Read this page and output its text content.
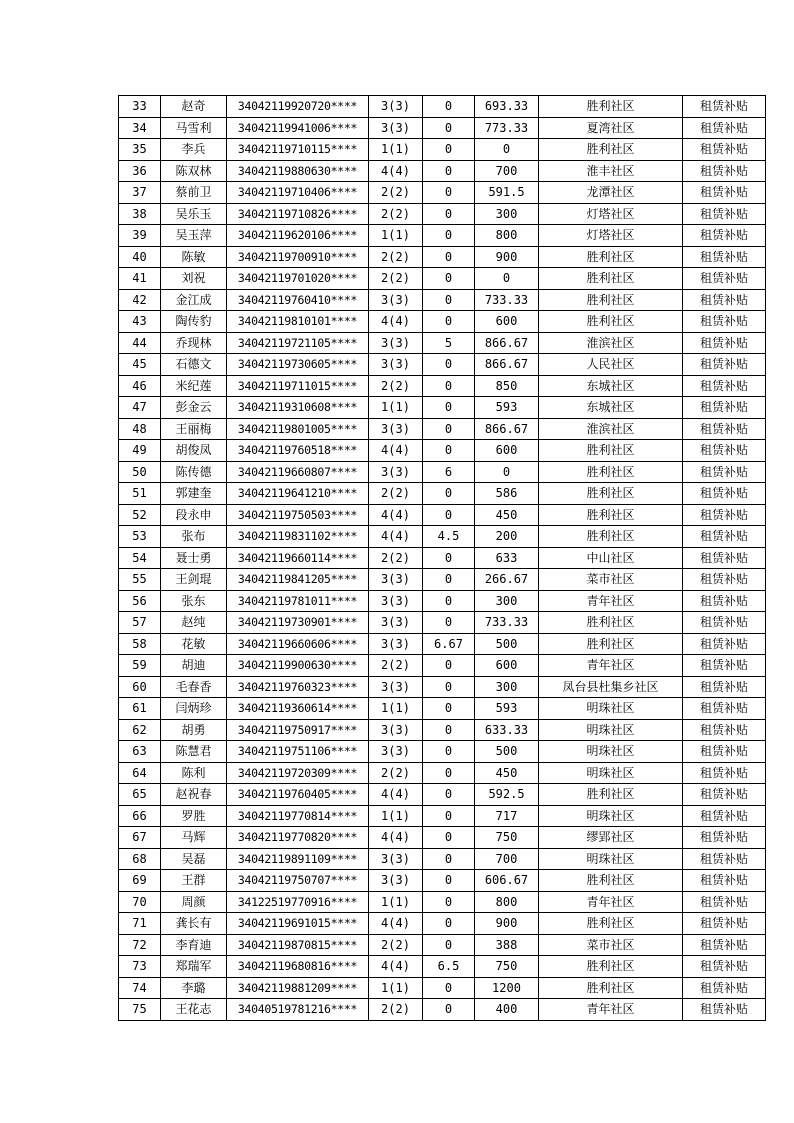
33	赵奇	34042119920720****	3(3)	0	693.33	胜利社区	租赁补贴
34	马雪利	34042119941006****	3(3)	0	773.33	夏湾社区	租赁补贴
35	李兵	34042119710115****	1(1)	0	0	胜利社区	租赁补贴
36	陈双林	34042119880630****	4(4)	0	700	淮丰社区	租赁补贴
37	蔡前卫	34042119710406****	2(2)	0	591.5	龙潭社区	租赁补贴
38	吴乐玉	34042119710826****	2(2)	0	300	灯塔社区	租赁补贴
39	吴玉萍	34042119620106****	1(1)	0	800	灯塔社区	租赁补贴
40	陈敏	34042119700910****	2(2)	0	900	胜利社区	租赁补贴
41	刘祝	34042119701020****	2(2)	0	0	胜利社区	租赁补贴
42	金江成	34042119760410****	3(3)	0	733.33	胜利社区	租赁补贴
43	陶传豹	34042119810101****	4(4)	0	600	胜利社区	租赁补贴
44	乔现林	34042119721105****	3(3)	5	866.67	淮滨社区	租赁补贴
45	石德文	34042119730605****	3(3)	0	866.67	人民社区	租赁补贴
46	米纪莲	34042119711015****	2(2)	0	850	东城社区	租赁补贴
47	彭金云	34042119310608****	1(1)	0	593	东城社区	租赁补贴
48	王丽梅	34042119801005****	3(3)	0	866.67	淮滨社区	租赁补贴
49	胡俊凤	34042119760518****	4(4)	0	600	胜利社区	租赁补贴
50	陈传德	34042119660807****	3(3)	6	0	胜利社区	租赁补贴
51	郭建奎	34042119641210****	2(2)	0	586	胜利社区	租赁补贴
52	段永申	34042119750503****	4(4)	0	450	胜利社区	租赁补贴
53	张布	34042119831102****	4(4)	4.5	200	胜利社区	租赁补贴
54	聂士勇	34042119660114****	2(2)	0	633	中山社区	租赁补贴
55	王剑琨	34042119841205****	3(3)	0	266.67	菜市社区	租赁补贴
56	张东	34042119781011****	3(3)	0	300	青年社区	租赁补贴
57	赵纯	34042119730901****	3(3)	0	733.33	胜利社区	租赁补贴
58	花敏	34042119660606****	3(3)	6.67	500	胜利社区	租赁补贴
59	胡迪	34042119900630****	2(2)	0	600	青年社区	租赁补贴
60	毛春香	34042119760323****	3(3)	0	300	凤台县杜集乡社区	租赁补贴
61	闫炳珍	34042119360614****	1(1)	0	593	明珠社区	租赁补贴
62	胡勇	34042119750917****	3(3)	0	633.33	明珠社区	租赁补贴
63	陈慧君	34042119751106****	3(3)	0	500	明珠社区	租赁补贴
64	陈利	34042119720309****	2(2)	0	450	明珠社区	租赁补贴
65	赵祝春	34042119760405****	4(4)	0	592.5	胜利社区	租赁补贴
66	罗胜	34042119770814****	1(1)	0	717	明珠社区	租赁补贴
67	马辉	34042119770820****	4(4)	0	750	缪郢社区	租赁补贴
68	吴磊	34042119891109****	3(3)	0	700	明珠社区	租赁补贴
69	王群	34042119750707****	3(3)	0	606.67	胜利社区	租赁补贴
70	周颜	34122519770916****	1(1)	0	800	青年社区	租赁补贴
71	龚长有	34042119691015****	4(4)	0	900	胜利社区	租赁补贴
72	李育迪	34042119870815****	2(2)	0	388	菜市社区	租赁补贴
73	郑瑞军	34042119680816****	4(4)	6.5	750	胜利社区	租赁补贴
74	李璐	34042119881209****	1(1)	0	1200	胜利社区	租赁补贴
75	王花志	34040519781216****	2(2)	0	400	青年社区	租赁补贴
